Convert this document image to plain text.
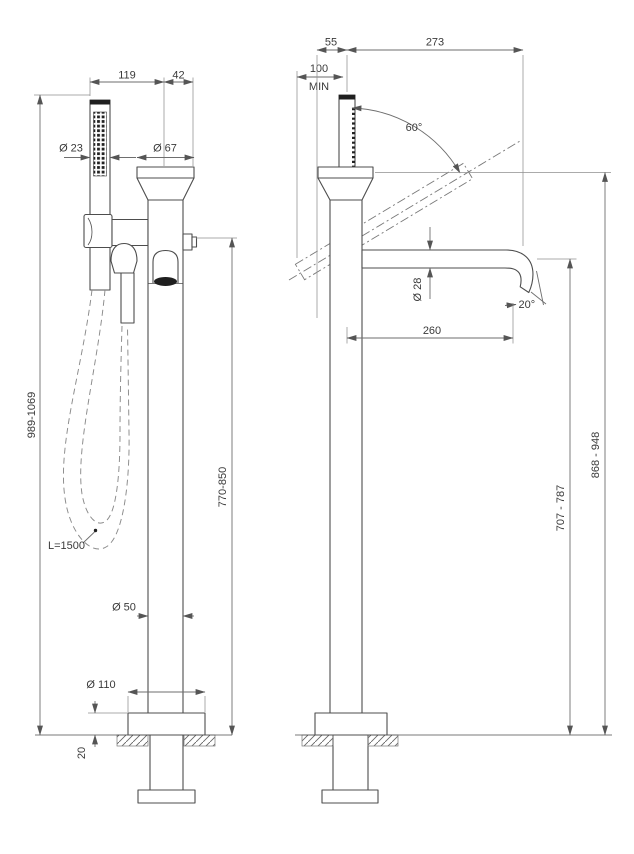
L=1500
989-1069
119	42
Ø 23	Ø 67
770-850
Ø 50
Ø 110
20
100
MIN
55	273
60°
Ø 28
20°
260
707 - 787
868 - 948
